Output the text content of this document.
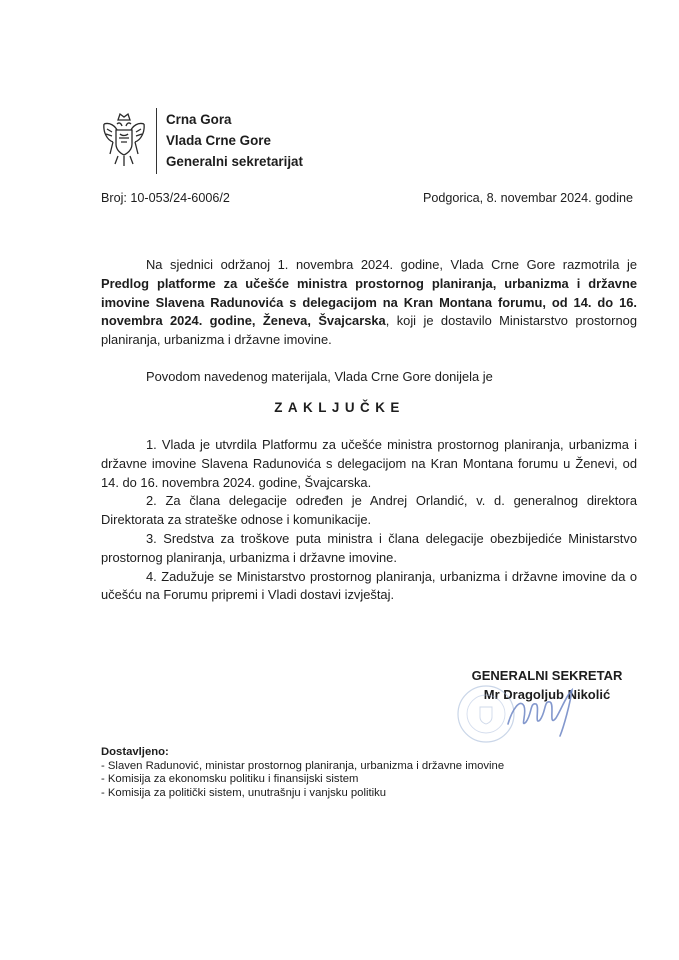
Crna Gora
Vlada Crne Gore
Generalni sekretarijat
Broj: 10-053/24-6006/2	Podgorica, 8. novembar 2024. godine
Na sjednici održanoj 1. novembra 2024. godine, Vlada Crne Gore razmotrila je Predlog platforme za učešće ministra prostornog planiranja, urbanizma i državne imovine Slavena Radunovića s delegacijom na Kran Montana forumu, od 14. do 16. novembra 2024. godine, Ženeva, Švajcarska, koji je dostavilo Ministarstvo prostornog planiranja, urbanizma i državne imovine.
Povodom navedenog materijala, Vlada Crne Gore donijela je
ZAKLJUČKE

1. Vlada je utvrdila Platformu za učešće ministra prostornog planiranja, urbanizma i državne imovine Slavena Radunovića s delegacijom na Kran Montana forumu u Ženevi, od 14. do 16. novembra 2024. godine, Švajcarska.

2. Za člana delegacije određen je Andrej Orlandić, v. d. generalnog direktora Direktorata za strateške odnose i komunikacije.

3. Sredstva za troškove puta ministra i člana delegacije obezbijediće Ministarstvo prostornog planiranja, urbanizma i državne imovine.

4. Zadužuje se Ministarstvo prostornog planiranja, urbanizma i državne imovine da o učešću na Forumu pripremi i Vladi dostavi izvještaj.

GENERALNI SEKRETAR
Mr Dragoljub Nikolić
Dostavljeno:
- Slaven Radunović, ministar prostornog planiranja, urbanizma i državne imovine
- Komisija za ekonomsku politiku i finansijski sistem
- Komisija za politički sistem, unutrašnju i vanjsku politiku
